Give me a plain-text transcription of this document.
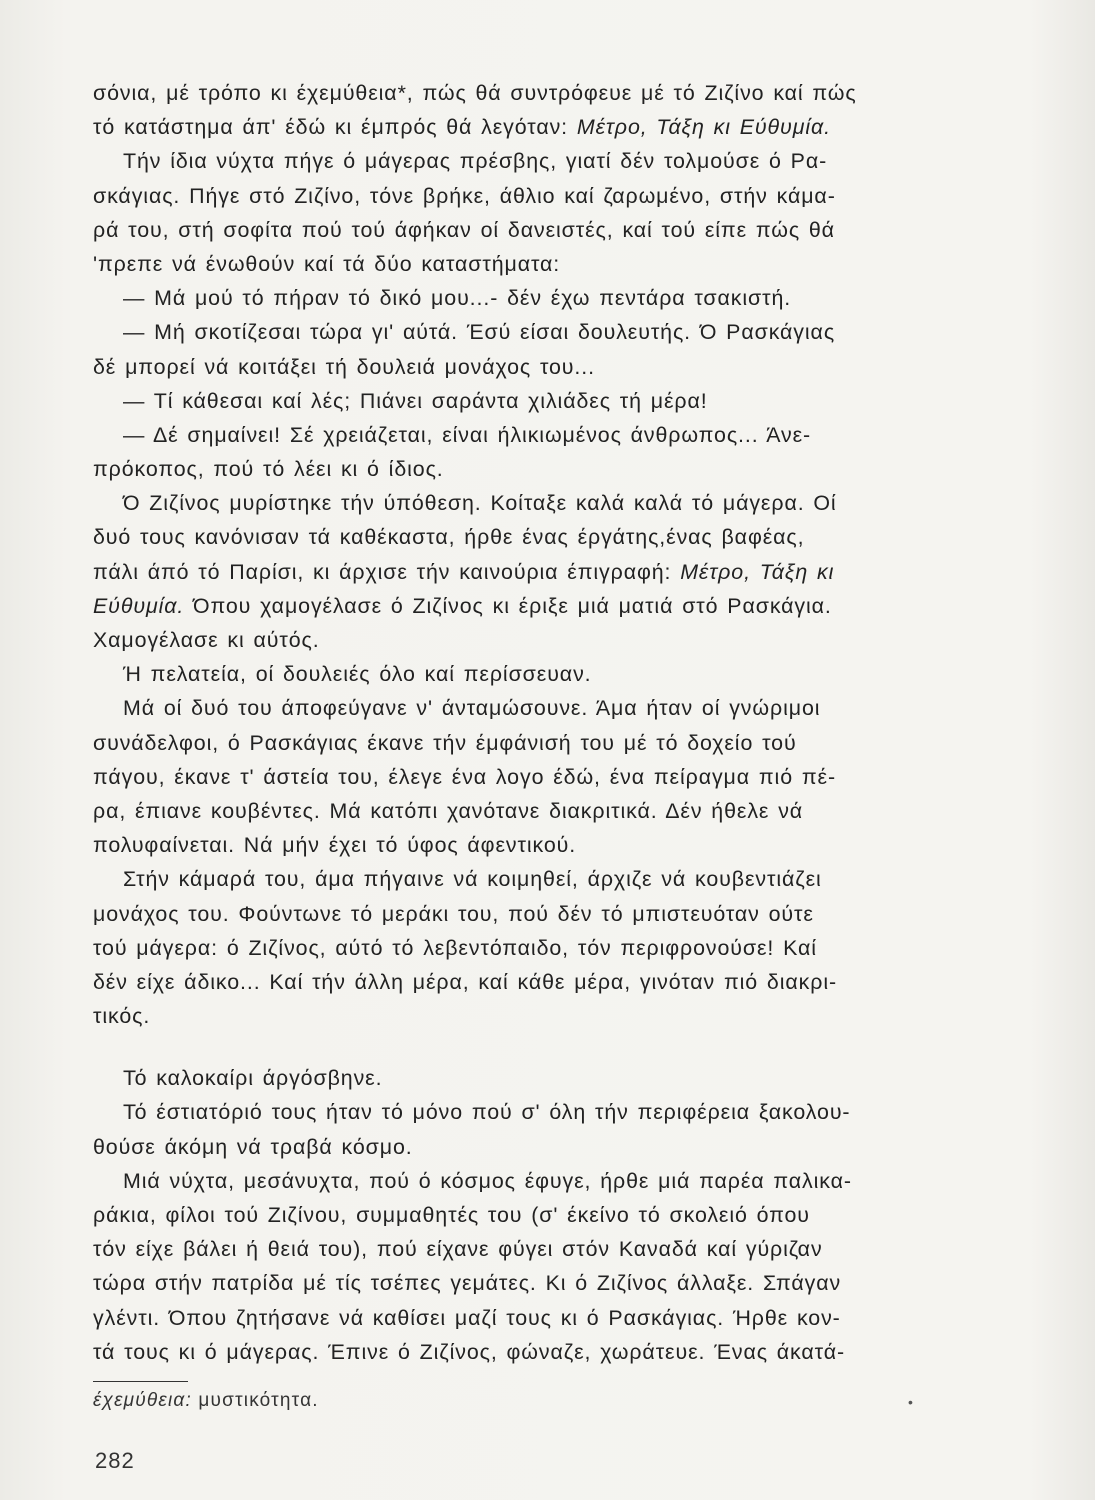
σόνια, μέ τρόπο κι έχεμύθεια*, πώς θά συντρόφευε μέ τό Ζιζίνο καί πώς
τό κατάστημα άπ' έδώ κι έμπρός θά λεγόταν: Μέτρο, Τάξη κι Εύθυμία.
Τήν ίδια νύχτα πήγε ό μάγερας πρέσβης, γιατί δέν τολμούσε ό Ρα-
σκάγιας. Πήγε στό Ζιζίνο, τόνε βρήκε, άθλιο καί ζαρωμένο, στήν κάμα-
ρά του, στή σοφίτα πού τού άφήκαν οί δανειστές, καί τού είπε πώς θά
'πρεπε νά ένωθούν καί τά δύο καταστήματα:
— Μά μού τό πήραν τό δικό μου...- δέν έχω πεντάρα τσακιστή.
— Μή σκοτίζεσαι τώρα γι' αύτά. Έσύ είσαι δουλευτής. Ό Ρασκάγιας
δέ μπορεί νά κοιτάξει τή δουλειά μονάχος του...
— Τί κάθεσαι καί λές; Πιάνει σαράντα χιλιάδες τή μέρα!
— Δέ σημαίνει! Σέ χρειάζεται, είναι ήλικιωμένος άνθρωπος... Άνε-
πρόκοπος, πού τό λέει κι ό ίδιος.
Ό Ζιζίνος μυρίστηκε τήν ύπόθεση. Κοίταξε καλά καλά τό μάγερα. Οί
δυό τους κανόνισαν τά καθέκαστα, ήρθε ένας έργάτης,ένας βαφέας,
πάλι άπό τό Παρίσι, κι άρχισε τήν καινούρια έπιγραφή: Μέτρο, Τάξη κι
Εύθυμία. Όπου χαμογέλασε ό Ζιζίνος κι έριξε μιά ματιά στό Ρασκάγια.
Χαμογέλασε κι αύτός.
Ή πελατεία, οί δουλειές όλο καί περίσσευαν.
Μά οί δυό του άποφεύγανε ν' άνταμώσουνε. Άμα ήταν οί γνώριμοι
συνάδελφοι, ό Ρασκάγιας έκανε τήν έμφάνισή του μέ τό δοχείο τού
πάγου, έκανε τ' άστεία του, έλεγε ένα λογο έδώ, ένα πείραγμα πιό πέ-
ρα, έπιανε κουβέντες. Μά κατόπι χανότανε διακριτικά. Δέν ήθελε νά
πολυφαίνεται. Νά μήν έχει τό ύφος άφεντικού.
Στήν κάμαρά του, άμα πήγαινε νά κοιμηθεί, άρχιζε νά κουβεντιάζει
μονάχος του. Φούντωνε τό μεράκι του, πού δέν τό μπιστευόταν ούτε
τού μάγερα: ό Ζιζίνος, αύτό τό λεβεντόπαιδο, τόν περιφρονούσε! Καί
δέν είχε άδικο... Καί τήν άλλη μέρα, καί κάθε μέρα, γινόταν πιό διακρι-
τικός.
Τό καλοκαίρι άργόσβηνε.
Τό έστιατόριό τους ήταν τό μόνο πού σ' όλη τήν περιφέρεια ξακολου-
θούσε άκόμη νά τραβά κόσμο.
Μιά νύχτα, μεσάνυχτα, πού ό κόσμος έφυγε, ήρθε μιά παρέα παλικα-
ράκια, φίλοι τού Ζιζίνου, συμμαθητές του (σ' έκείνο τό σκολειό όπου
τόν είχε βάλει ή θειά του), πού είχανε φύγει στόν Καναδά καί γύριζαν
τώρα στήν πατρίδα μέ τίς τσέπες γεμάτες. Κι ό Ζιζίνος άλλαξε. Σπάγαν
γλέντι. Όπου ζητήσανε νά καθίσει μαζί τους κι ό Ρασκάγιας. Ήρθε κον-
τά τους κι ό μάγερας. Έπινε ό Ζιζίνος, φώναζε, χωράτευε. Ένας άκατά-
έχεμύθεια: μυστικότητα.	•
282
